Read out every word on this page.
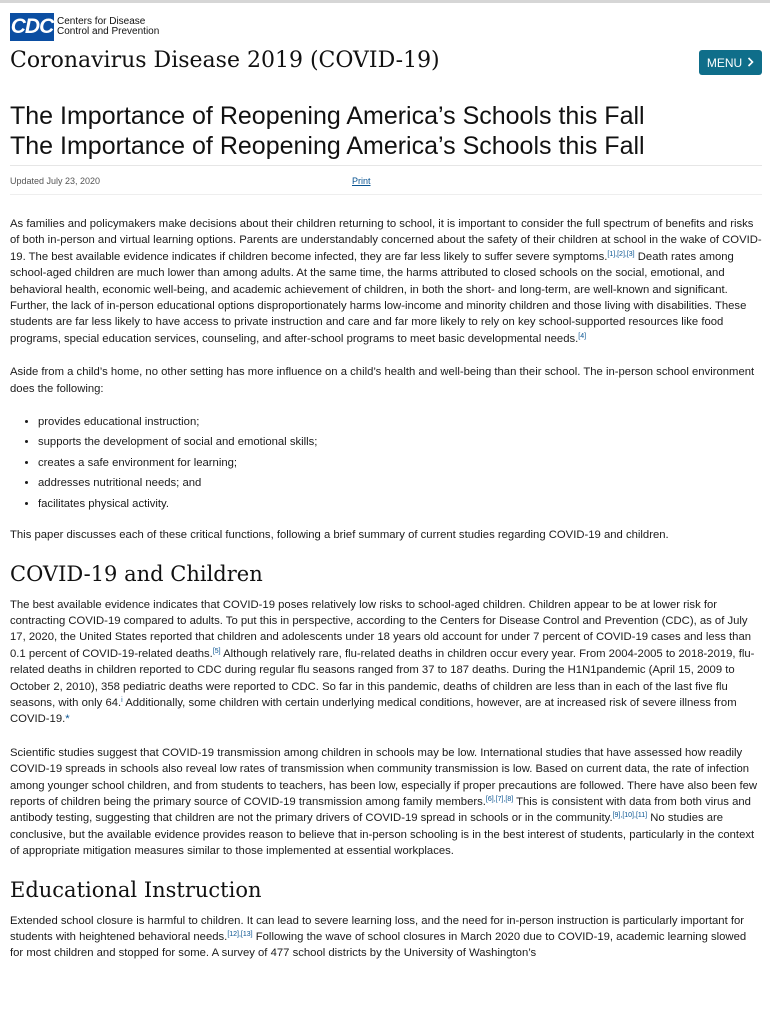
CDC Centers for Disease
Control and Prevention
Coronavirus Disease 2019 (COVID-19)	MENU
The Importance of Reopening America’s Schools this Fall
The Importance of Reopening America’s Schools this Fall
Updated July 23, 2020	Print

As families and policymakers make decisions about their children returning to school, it is important to consider the full spectrum of benefits and risks of both in-person and virtual learning options. Parents are understandably concerned about the safety of their children at school in the wake of COVID-19. The best available evidence indicates if children become infected, they are far less likely to suffer severe symptoms.[1],[2],[3] Death rates among school-aged children are much lower than among adults. At the same time, the harms attributed to closed schools on the social, emotional, and behavioral health, economic well-being, and academic achievement of children, in both the short- and long-term, are well-known and significant. Further, the lack of in-person educational options disproportionately harms low-income and minority children and those living with disabilities. These students are far less likely to have access to private instruction and care and far more likely to rely on key school-supported resources like food programs, special education services, counseling, and after-school programs to meet basic developmental needs.[4]

Aside from a child’s home, no other setting has more influence on a child’s health and well-being than their school. The in-person school environment does the following:

• provides educational instruction;
• supports the development of social and emotional skills;
• creates a safe environment for learning;
• addresses nutritional needs; and
• facilitates physical activity.

This paper discusses each of these critical functions, following a brief summary of current studies regarding COVID-19 and children.

COVID-19 and Children

The best available evidence indicates that COVID-19 poses relatively low risks to school-aged children. Children appear to be at lower risk for contracting COVID-19 compared to adults. To put this in perspective, according to the Centers for Disease Control and Prevention (CDC), as of July 17, 2020, the United States reported that children and adolescents under 18 years old account for under 7 percent of COVID-19 cases and less than 0.1 percent of COVID-19-related deaths.[5] Although relatively rare, flu-related deaths in children occur every year. From 2004-2005 to 2018-2019, flu-related deaths in children reported to CDC during regular flu seasons ranged from 37 to 187 deaths. During the H1N1pandemic (April 15, 2009 to October 2, 2010), 358 pediatric deaths were reported to CDC. So far in this pandemic, deaths of children are less than in each of the last five flu seasons, with only 64.$^i$ Additionally, some children with certain underlying medical conditions, however, are at increased risk of severe illness from COVID-19.*

Scientific studies suggest that COVID-19 transmission among children in schools may be low. International studies that have assessed how readily COVID-19 spreads in schools also reveal low rates of transmission when community transmission is low. Based on current data, the rate of infection among younger school children, and from students to teachers, has been low, especially if proper precautions are followed. There have also been few reports of children being the primary source of COVID-19 transmission among family members.[6],[7],[8] This is consistent with data from both virus and antibody testing, suggesting that children are not the primary drivers of COVID-19 spread in schools or in the community.[9],[10],[11] No studies are conclusive, but the available evidence provides reason to believe that in-person schooling is in the best interest of students, particularly in the context of appropriate mitigation measures similar to those implemented at essential workplaces.

Educational Instruction

Extended school closure is harmful to children. It can lead to severe learning loss, and the need for in-person instruction is particularly important for students with heightened behavioral needs.[12],[13] Following the wave of school closures in March 2020 due to COVID-19, academic learning slowed for most children and stopped for some. A survey of 477 school districts by the University of Washington’s
